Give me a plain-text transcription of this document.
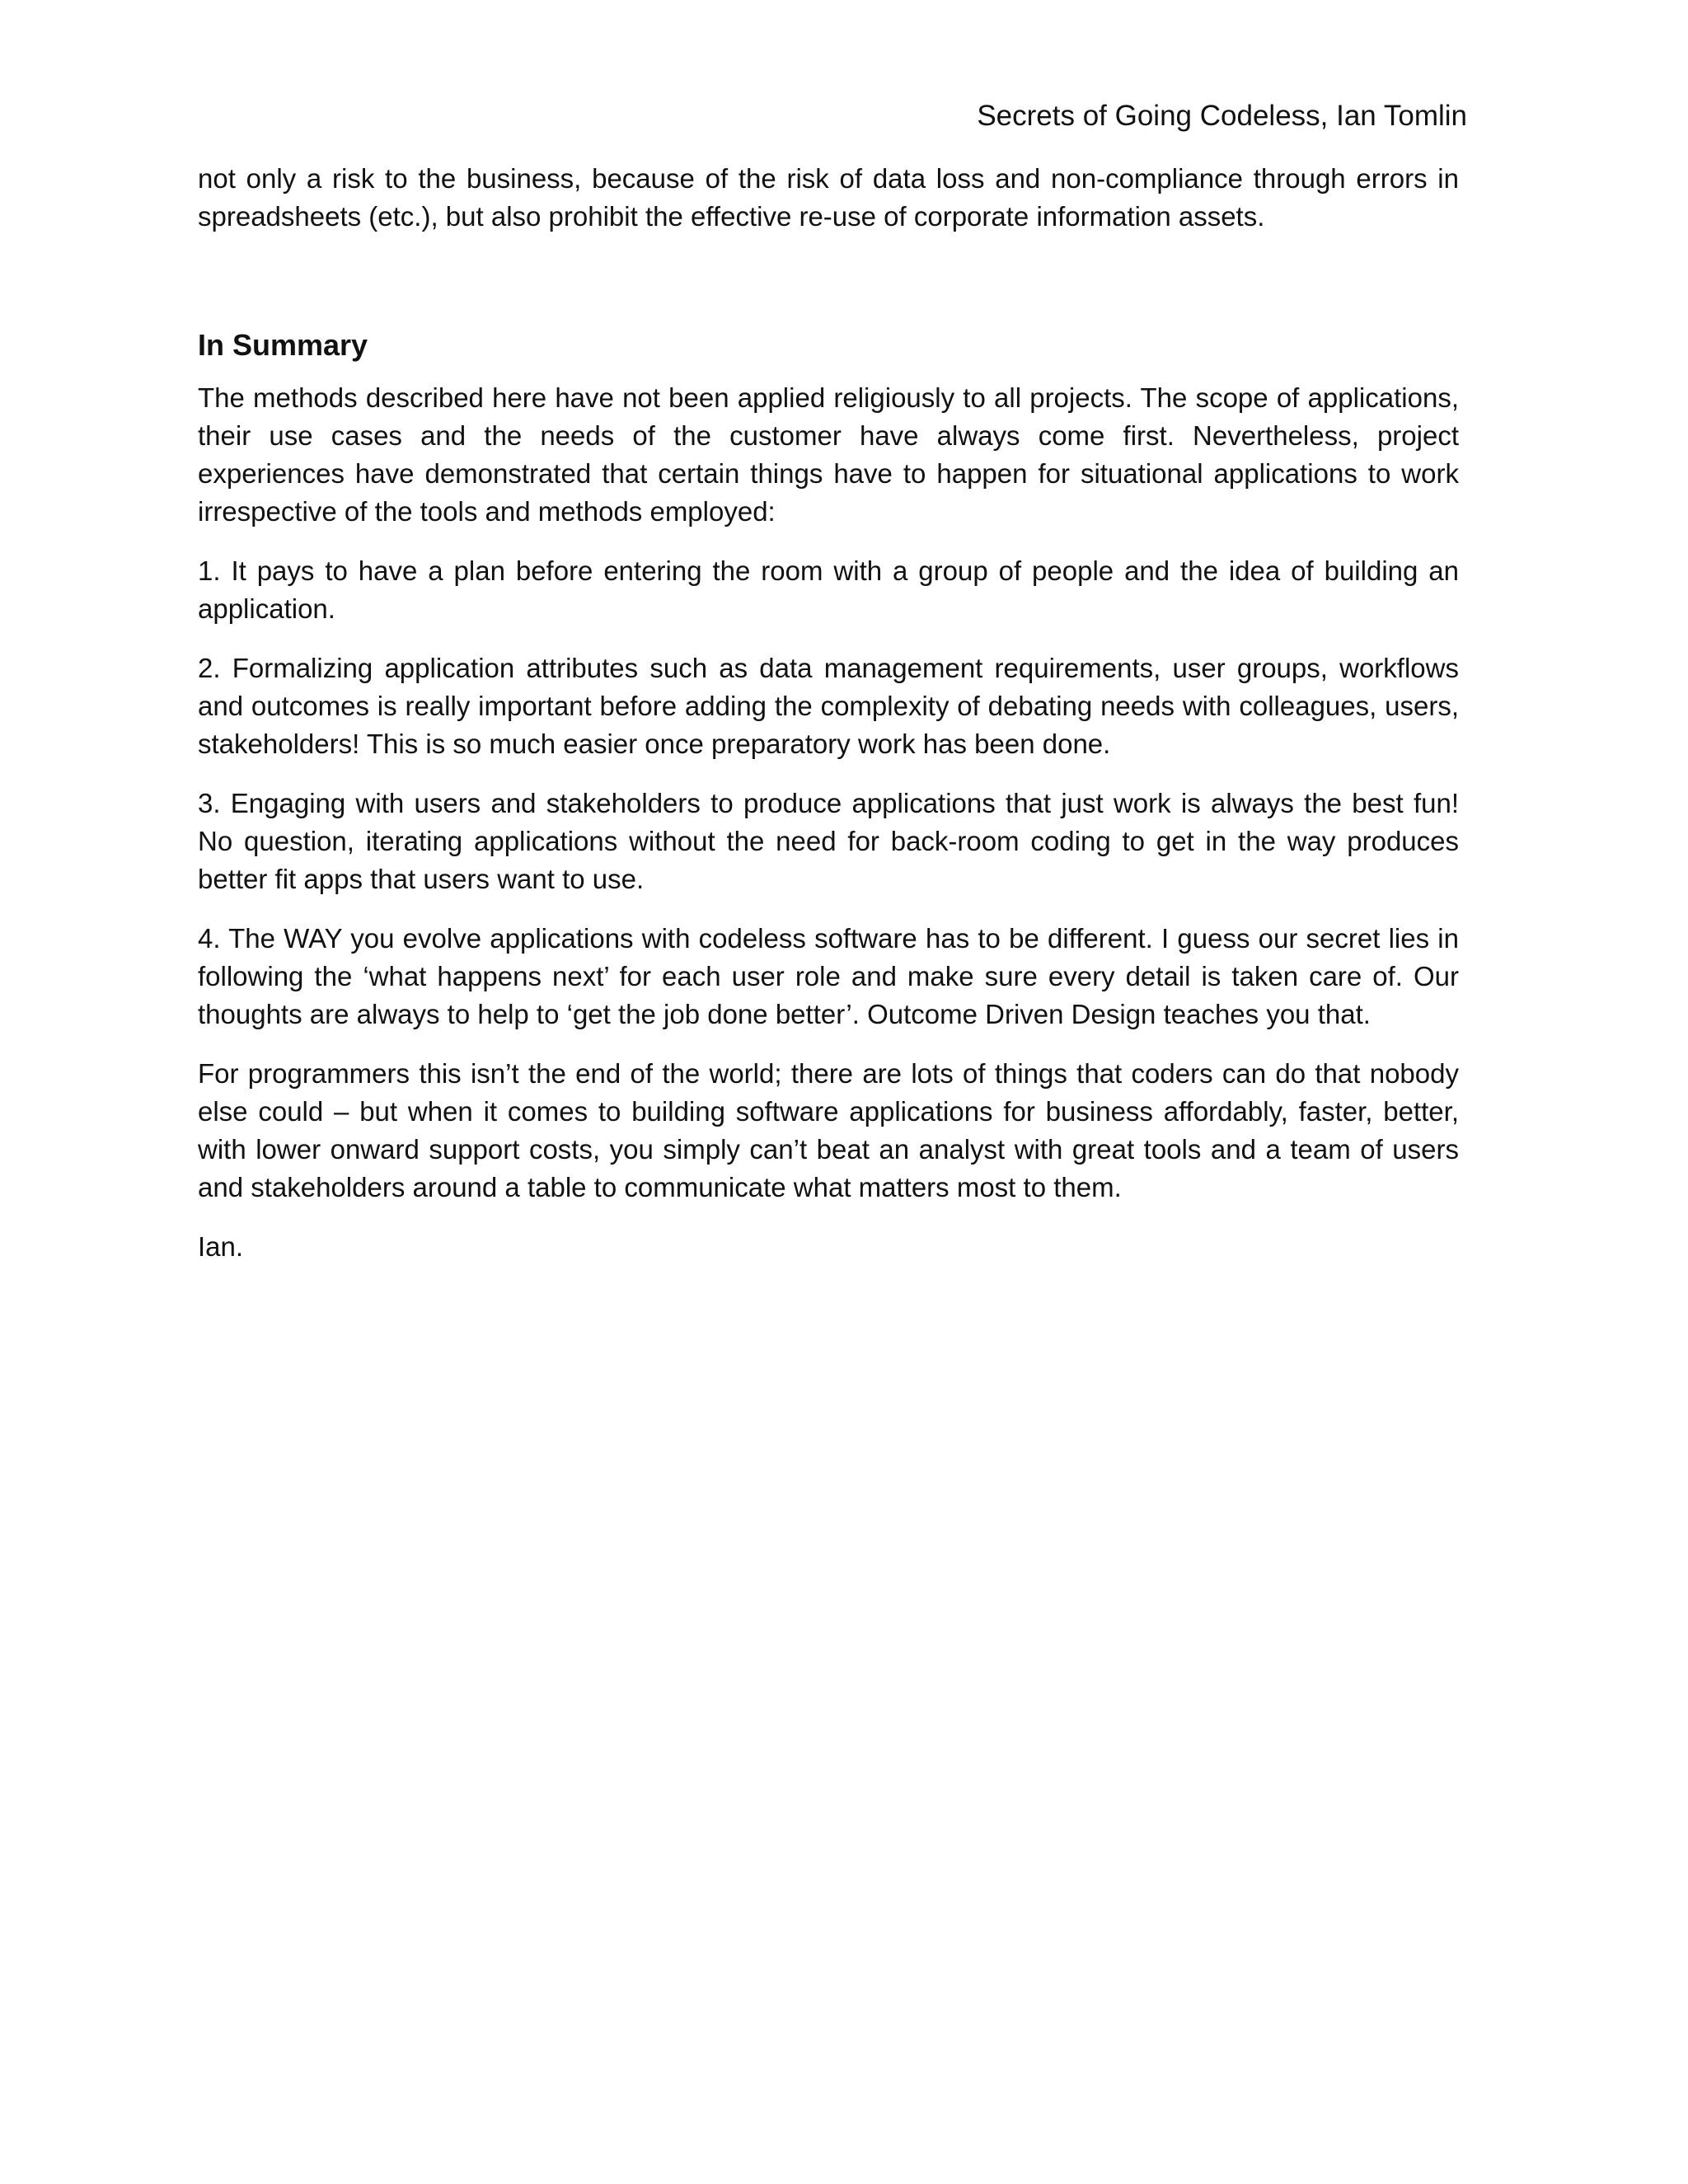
Secrets of Going Codeless, Ian Tomlin

not only a risk to the business, because of the risk of data loss and non-compliance through errors in spreadsheets (etc.), but also prohibit the effective re-use of corporate information assets.

In Summary

The methods described here have not been applied religiously to all projects. The scope of applications, their use cases and the needs of the customer have always come first. Nevertheless, project experiences have demonstrated that certain things have to happen for situational applications to work irrespective of the tools and methods employed:

1. It pays to have a plan before entering the room with a group of people and the idea of building an application.

2. Formalizing application attributes such as data management requirements, user groups, workflows and outcomes is really important before adding the complexity of debating needs with colleagues, users, stakeholders! This is so much easier once preparatory work has been done.

3. Engaging with users and stakeholders to produce applications that just work is always the best fun! No question, iterating applications without the need for back-room coding to get in the way produces better fit apps that users want to use.

4. The WAY you evolve applications with codeless software has to be different. I guess our secret lies in following the ‘what happens next’ for each user role and make sure every detail is taken care of. Our thoughts are always to help to ‘get the job done better’. Outcome Driven Design teaches you that.

For programmers this isn’t the end of the world; there are lots of things that coders can do that nobody else could – but when it comes to building software applications for business affordably, faster, better, with lower onward support costs, you simply can’t beat an analyst with great tools and a team of users and stakeholders around a table to communicate what matters most to them.

Ian.
